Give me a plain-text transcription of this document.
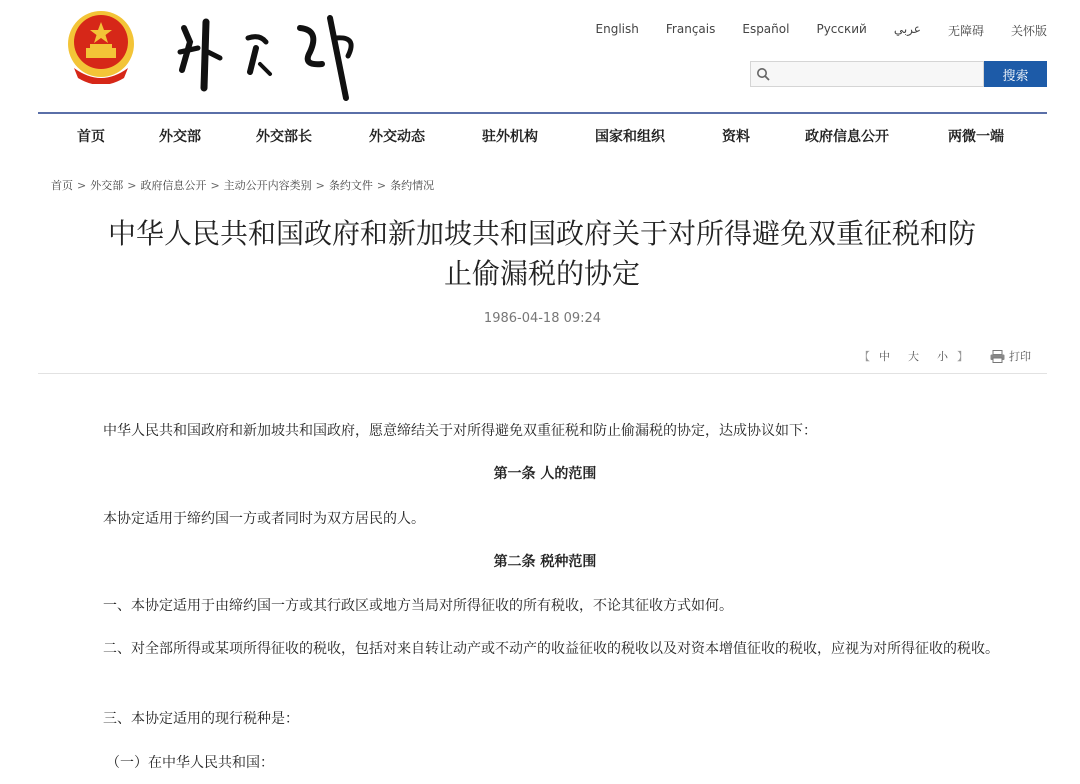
English Français Español Русский عربي 无障碍 关怀版
搜索
首页	外交部	外交部长	外交动态	驻外机构	国家和组织	资料	政府信息公开	两微一端
首页 > 外交部 > 政府信息公开 > 主动公开内容类别 > 条约文件 > 条约情况
中华人民共和国政府和新加坡共和国政府关于对所得避免双重征税和防
止偷漏税的协定
1986-04-18 09:24
【 中 大 小 】	打印

中华人民共和国政府和新加坡共和国政府，愿意缔结关于对所得避免双重征税和防止偷漏税的协定，达成协议如下：

第一条 人的范围

本协定适用于缔约国一方或者同时为双方居民的人。

第二条 税种范围

一、本协定适用于由缔约国一方或其行政区或地方当局对所得征收的所有税收，不论其征收方式如何。

二、对全部所得或某项所得征收的税收，包括对来自转让动产或不动产的收益征收的税收以及对资本增值征收的税收，应视为对所得征收的税收。

三、本协定适用的现行税种是：

（一）在中华人民共和国：
